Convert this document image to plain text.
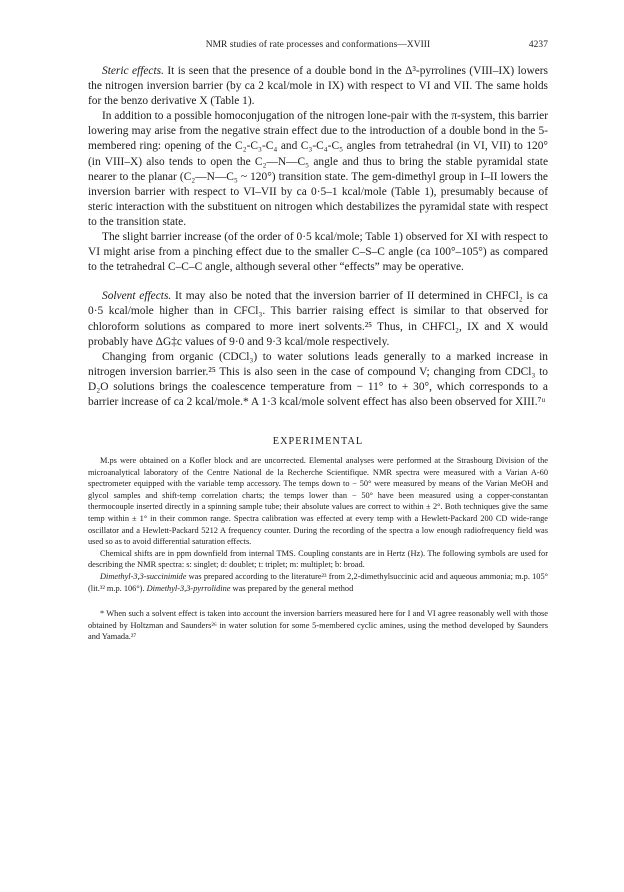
NMR studies of rate processes and conformations—XVIII	4237

Steric effects. It is seen that the presence of a double bond in the Δ³-pyrrolines (VIII–IX) lowers the nitrogen inversion barrier (by ca 2 kcal/mole in IX) with respect to VI and VII. The same holds for the benzo derivative X (Table 1).

In addition to a possible homoconjugation of the nitrogen lone-pair with the π-system, this barrier lowering may arise from the negative strain effect due to the introduction of a double bond in the 5-membered ring: opening of the C₂-C₃-C₄ and C₃-C₄-C₅ angles from tetrahedral (in VI, VII) to 120° (in VIII–X) also tends to open the C₂—N—C₅ angle and thus to bring the stable pyramidal state nearer to the planar (C₂—N—C₅ ~ 120°) transition state. The gem-dimethyl group in I–II lowers the inversion barrier with respect to VI–VII by ca 0·5–1 kcal/mole (Table 1), presumably because of steric interaction with the substituent on nitrogen which destabilizes the pyramidal state with respect to the transition state.

The slight barrier increase (of the order of 0·5 kcal/mole; Table 1) observed for XI with respect to VI might arise from a pinching effect due to the smaller C–S–C angle (ca 100°–105°) as compared to the tetrahedral C–C–C angle, although several other “effects” may be operative.

Solvent effects. It may also be noted that the inversion barrier of II determined in CHFCl₂ is ca 0·5 kcal/mole higher than in CFCl₃. This barrier raising effect is similar to that observed for chloroform solutions as compared to more inert solvents.²⁵ Thus, in CHFCl₂, IX and X would probably have ΔG‡c values of 9·0 and 9·3 kcal/mole respectively.

Changing from organic (CDCl₃) to water solutions leads generally to a marked increase in nitrogen inversion barrier.²⁵ This is also seen in the case of compound V; changing from CDCl₃ to D₂O solutions brings the coalescence temperature from − 11° to + 30°, which corresponds to a barrier increase of ca 2 kcal/mole.* A 1·3 kcal/mole solvent effect has also been observed for XIII.⁷ᵘ

EXPERIMENTAL

M.ps were obtained on a Kofler block and are uncorrected. Elemental analyses were performed at the Strasbourg Division of the microanalytical laboratory of the Centre National de la Recherche Scientifique. NMR spectra were measured with a Varian A-60 spectrometer equipped with the variable temp accessory. The temps down to − 50° were measured by means of the Varian MeOH and glycol samples and shift-temp correlation charts; the temps lower than − 50° have been measured using a copper-constantan thermocouple inserted directly in a spinning sample tube; their absolute values are correct to within ± 2°. Both techniques give the same temp within ± 1° in their common range. Spectra calibration was effected at every temp with a Hewlett-Packard 200 CD wide-range oscillator and a Hewlett-Packard 5212 A frequency counter. During the recording of the spectra a low enough radiofrequency field was used so as to avoid differential saturation effects.

Chemical shifts are in ppm downfield from internal TMS. Coupling constants are in Hertz (Hz). The following symbols are used for describing the NMR spectra: s: singlet; d: doublet; t: triplet; m: multiplet; b: broad.

Dimethyl-3,3-succinimide was prepared according to the literature²³ from 2,2-dimethylsuccinic acid and aqueous ammonia; m.p. 105° (lit.³² m.p. 106°). Dimethyl-3,3-pyrrolidine was prepared by the general method

* When such a solvent effect is taken into account the inversion barriers measured here for I and VI agree reasonably well with those obtained by Holtzman and Saunders²⁶ in water solution for some 5-membered cyclic amines, using the method developed by Saunders and Yamada.²⁷
